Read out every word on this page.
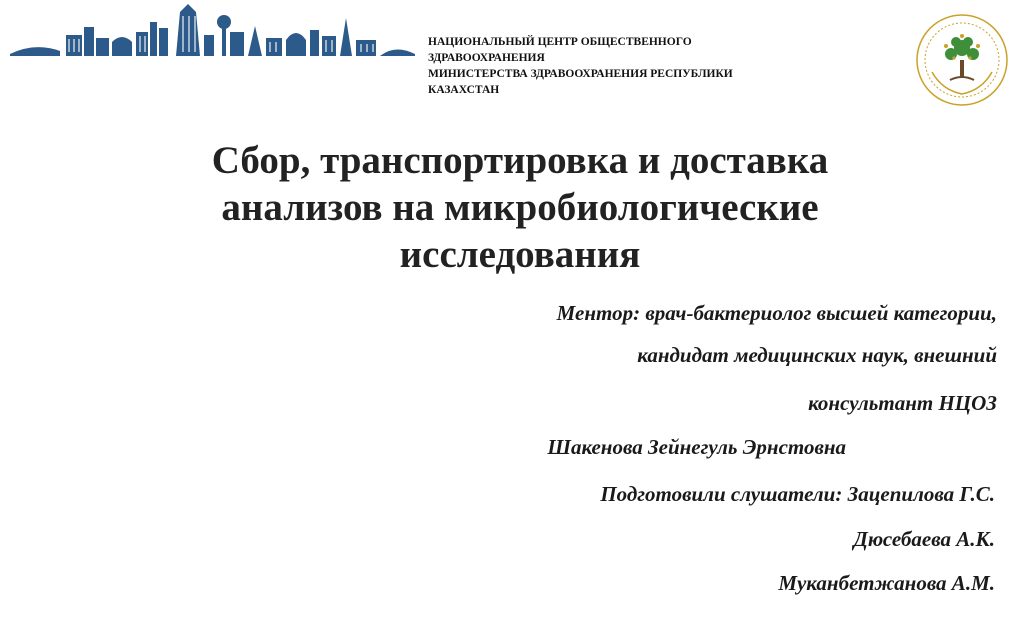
НАЦИОНАЛЬНЫЙ ЦЕНТР ОБЩЕСТВЕННОГО
ЗДРАВООХРАНЕНИЯ
МИНИСТЕРСТВА ЗДРАВООХРАНЕНИЯ РЕСПУБЛИКИ
КАЗАХСТАН
Сбор, транспортировка и доставка
анализов на микробиологические
исследования
Ментор: врач-бактериолог высшей категории,
кандидат медицинских наук, внешний
консультант НЦОЗ
Шакенова Зейнегуль Эрнстовна
Подготовили слушатели: Зацепилова Г.С.
Дюсебаева А.К.
Муканбетжанова А.М.
